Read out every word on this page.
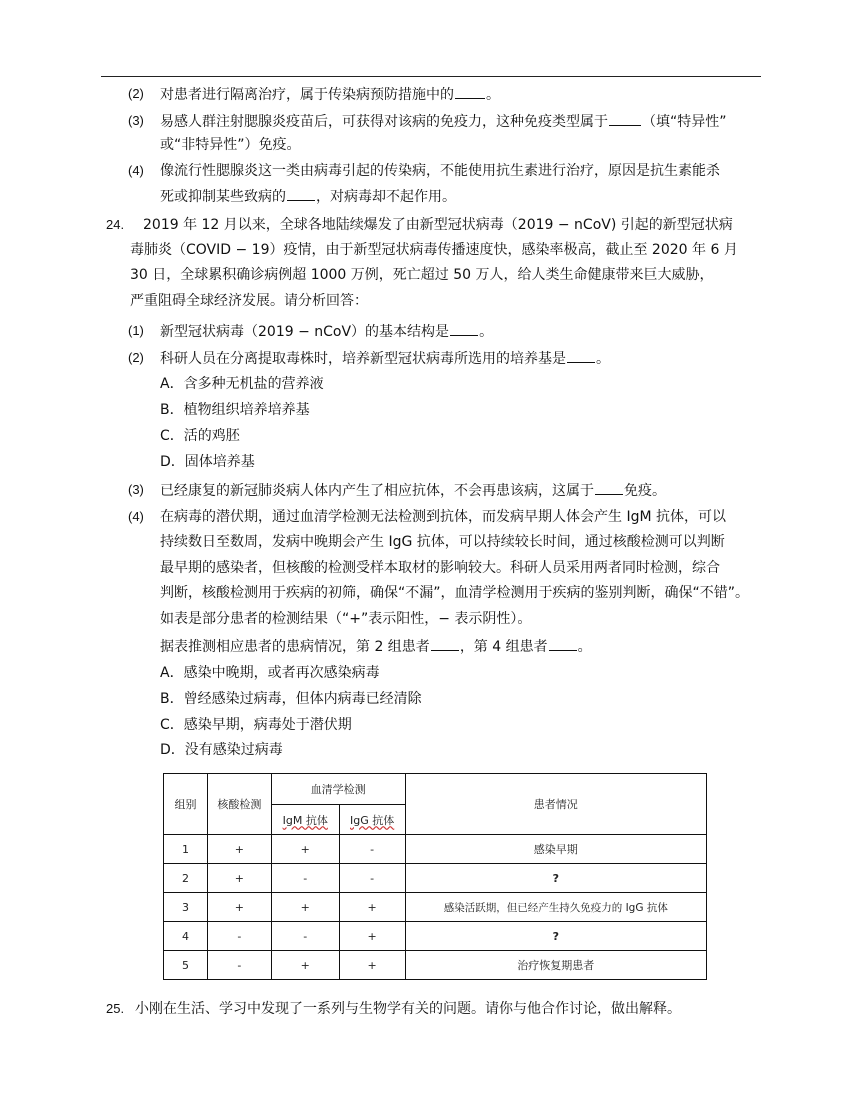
(2) 对患者进行隔离治疗，属于传染病预防措施中的 。
(3) 易感人群注射腮腺炎疫苗后，可获得对该病的免疫力，这种免疫类型属于 （填“特异性”
或“非特异性”）免疫。
(4) 像流行性腮腺炎这一类由病毒引起的传染病，不能使用抗生素进行治疗，原因是抗生素能杀
死或抑制某些致病的 ，对病毒却不起作用。
24. 2019 年 12 月以来，全球各地陆续爆发了由新型冠状病毒（2019 − nCoV) 引起的新型冠状病
毒肺炎（COVID − 19）疫情，由于新型冠状病毒传播速度快，感染率极高，截止至 2020 年 6 月
30 日，全球累积确诊病例超 1000 万例，死亡超过 50 万人，给人类生命健康带来巨大威胁，
严重阻碍全球经济发展。请分析回答：
(1) 新型冠状病毒（2019 − nCoV）的基本结构是 。
(2) 科研人员在分离提取毒株时，培养新型冠状病毒所选用的培养基是 。
A．含多种无机盐的营养液
B．植物组织培养培养基
C．活的鸡胚
D．固体培养基
(3) 已经康复的新冠肺炎病人体内产生了相应抗体，不会再患该病，这属于 免疫。
(4) 在病毒的潜伏期，通过血清学检测无法检测到抗体，而发病早期人体会产生 IgM 抗体，可以
持续数日至数周，发病中晚期会产生 IgG 抗体，可以持续较长时间，通过核酸检测可以判断
最早期的感染者，但核酸的检测受样本取材的影响较大。科研人员采用两者同时检测，综合
判断，核酸检测用于疾病的初筛，确保“不漏”，血清学检测用于疾病的鉴别判断，确保“不错”。
如表是部分患者的检测结果（“+”表示阳性，− 表示阴性）。
据表推测相应患者的患病情况，第 2 组患者 ，第 4 组患者 。
A．感染中晚期，或者再次感染病毒
B．曾经感染过病毒，但体内病毒已经清除
C．感染早期，病毒处于潜伏期
D．没有感染过病毒
组别	核酸检测	血清学检测		患者情况
		IgM 抗体	IgG 抗体	
1	+	+	-	感染早期
2	+	-	-	?
3	+	+	+	感染活跃期，但已经产生持久免疫力的 IgG 抗体
4	-	-	+	?
5	-	+	+	治疗恢复期患者
25. 小刚在生活、学习中发现了一系列与生物学有关的问题。请你与他合作讨论，做出解释。
